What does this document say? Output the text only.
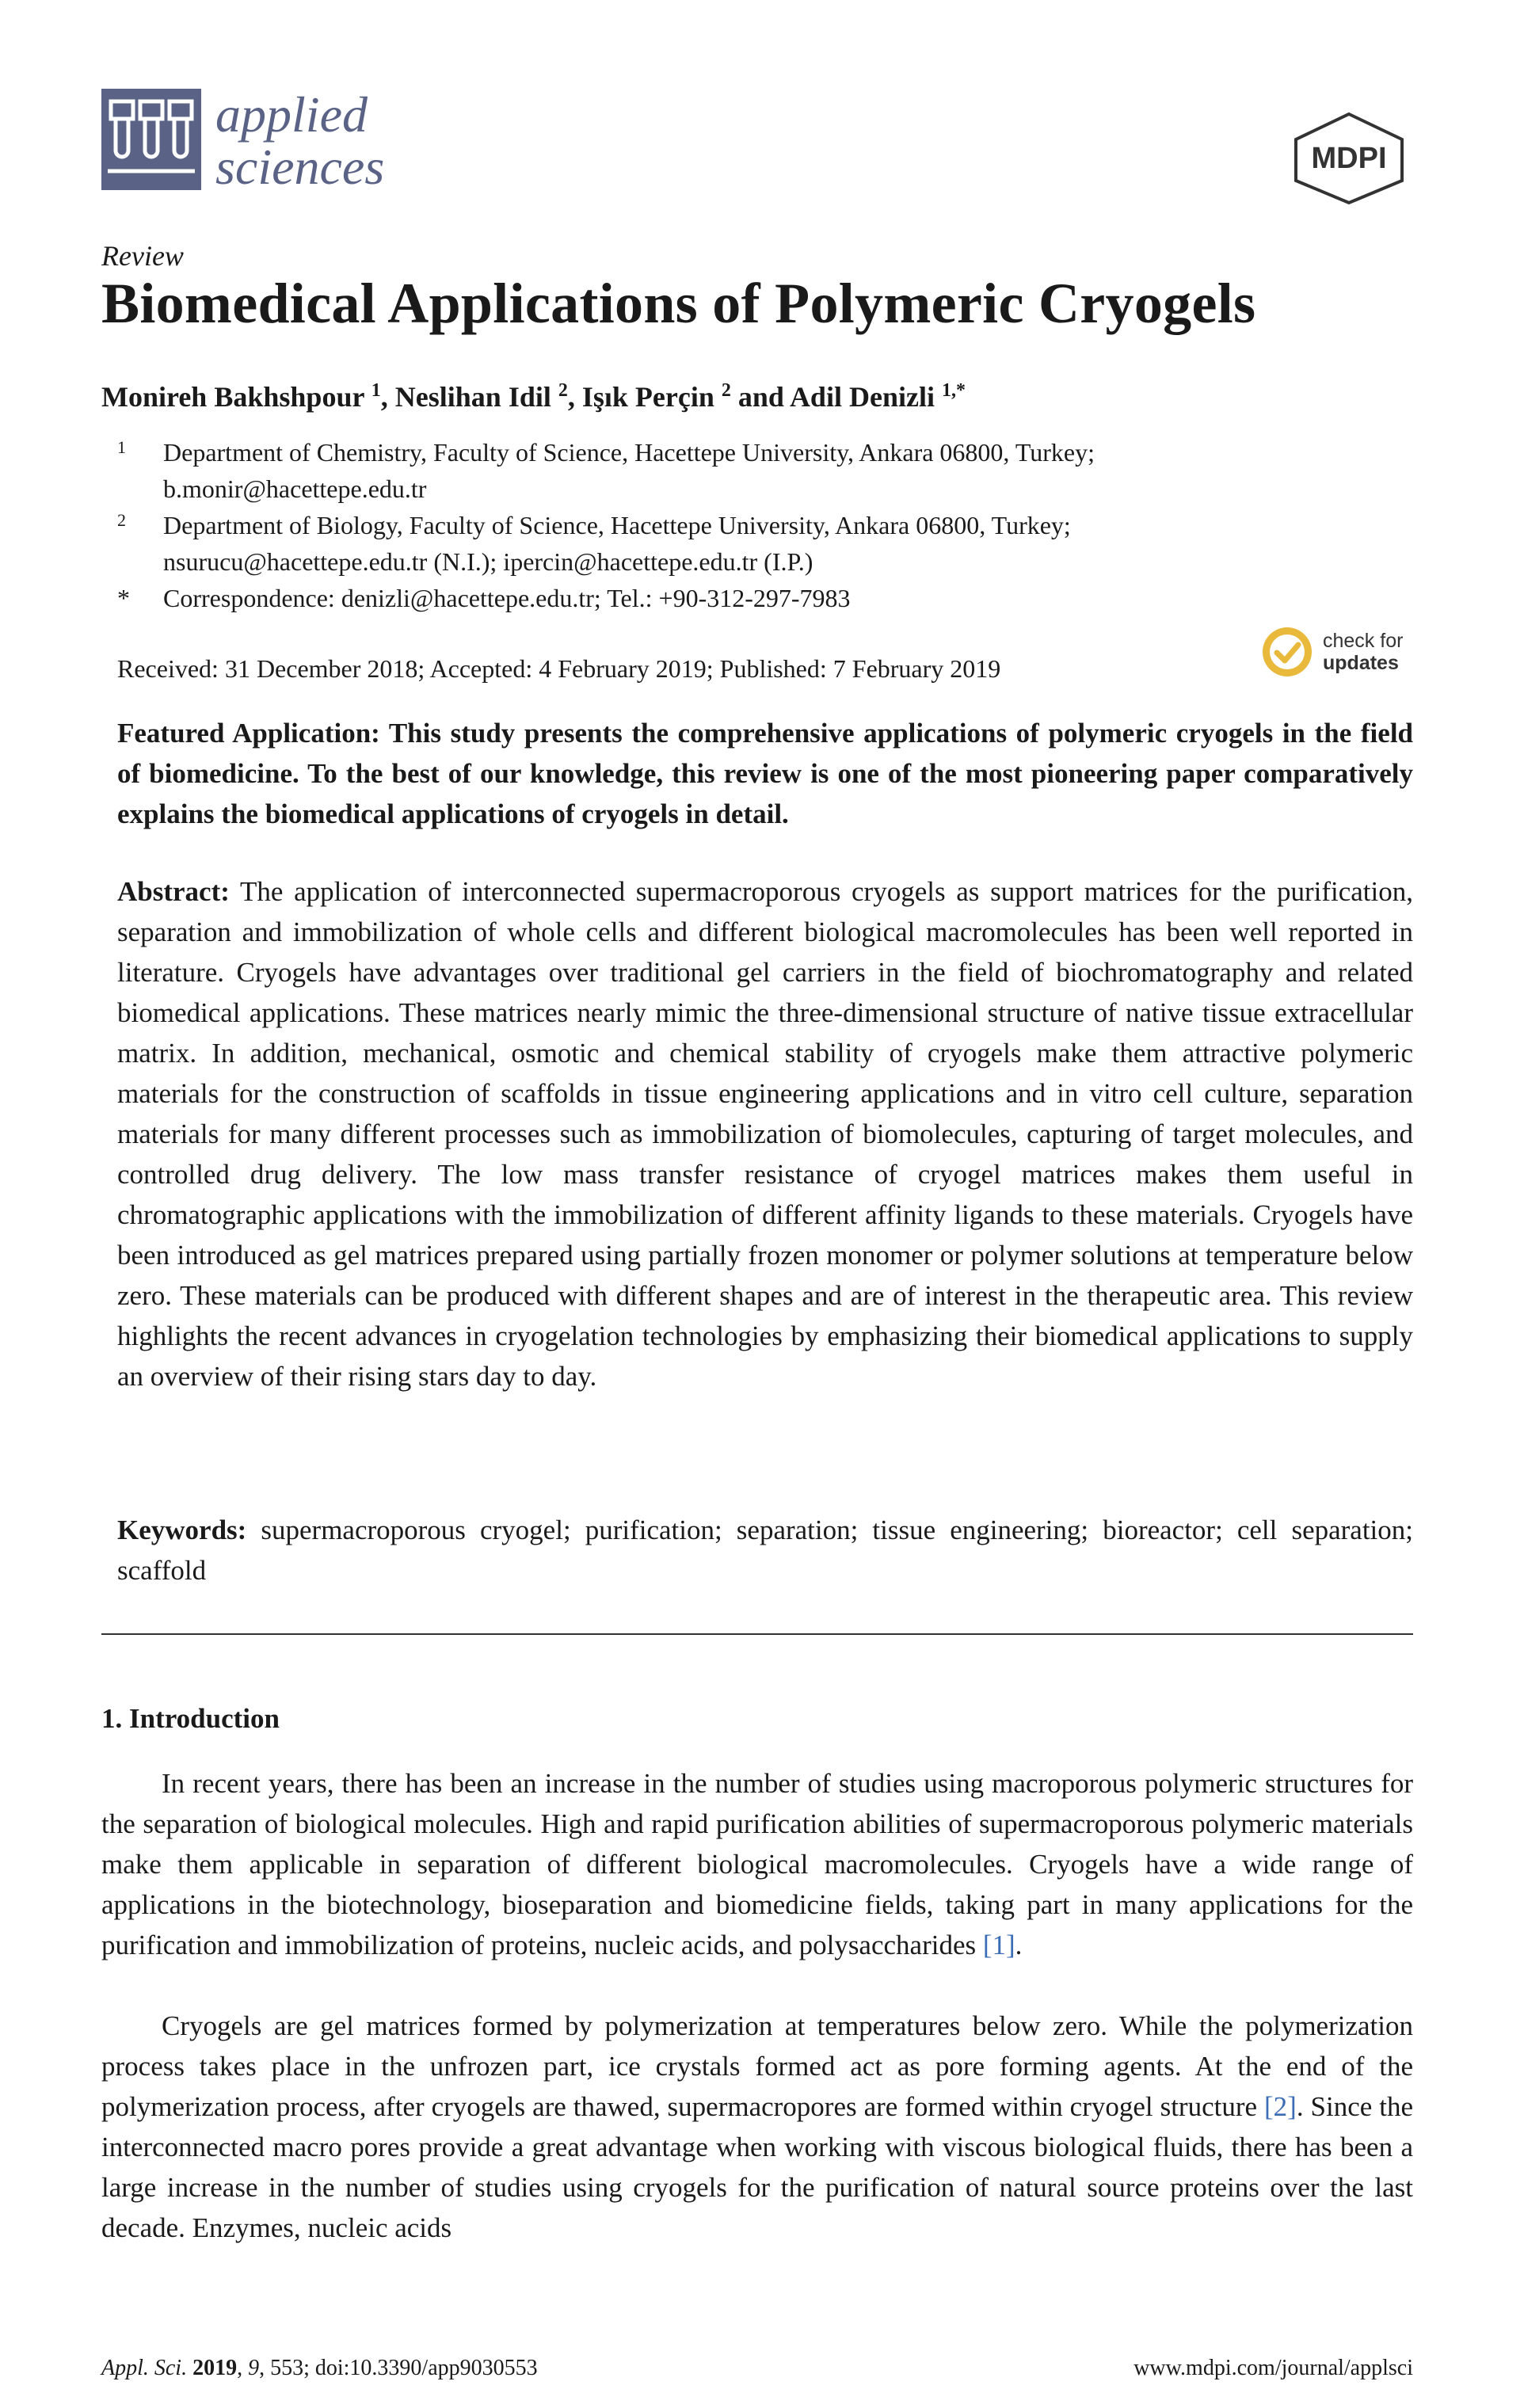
applied
sciences	MDPI
Review
Biomedical Applications of Polymeric Cryogels
Monireh Bakhshpour $^1$, Neslihan Idil $^2$, Işık Perçin $^2$ and Adil Denizli $^{1,*}$
1 Department of Chemistry, Faculty of Science, Hacettepe University, Ankara 06800, Turkey;
b.monir@hacettepe.edu.tr
2 Department of Biology, Faculty of Science, Hacettepe University, Ankara 06800, Turkey;
nsurucu@hacettepe.edu.tr (N.I.); ipercin@hacettepe.edu.tr (I.P.)
* Correspondence: denizli@hacettepe.edu.tr; Tel.: +90-312-297-7983
Received: 31 December 2018; Accepted: 4 February 2019; Published: 7 February 2019
check for
updates
Featured Application: This study presents the comprehensive applications of polymeric cryogels in the field of biomedicine. To the best of our knowledge, this review is one of the most pioneering paper comparatively explains the biomedical applications of cryogels in detail.
Abstract: The application of interconnected supermacroporous cryogels as support matrices for the purification, separation and immobilization of whole cells and different biological macromolecules has been well reported in literature. Cryogels have advantages over traditional gel carriers in the field of biochromatography and related biomedical applications. These matrices nearly mimic the three-dimensional structure of native tissue extracellular matrix. In addition, mechanical, osmotic and chemical stability of cryogels make them attractive polymeric materials for the construction of scaffolds in tissue engineering applications and in vitro cell culture, separation materials for many different processes such as immobilization of biomolecules, capturing of target molecules, and controlled drug delivery. The low mass transfer resistance of cryogel matrices makes them useful in chromatographic applications with the immobilization of different affinity ligands to these materials. Cryogels have been introduced as gel matrices prepared using partially frozen monomer or polymer solutions at temperature below zero. These materials can be produced with different shapes and are of interest in the therapeutic area. This review highlights the recent advances in cryogelation technologies by emphasizing their biomedical applications to supply an overview of their rising stars day to day.
Keywords: supermacroporous cryogel; purification; separation; tissue engineering; bioreactor; cell separation; scaffold
1. Introduction
In recent years, there has been an increase in the number of studies using macroporous polymeric structures for the separation of biological molecules. High and rapid purification abilities of supermacroporous polymeric materials make them applicable in separation of different biological macromolecules. Cryogels have a wide range of applications in the biotechnology, bioseparation and biomedicine fields, taking part in many applications for the purification and immobilization of proteins, nucleic acids, and polysaccharides [1].
Cryogels are gel matrices formed by polymerization at temperatures below zero. While the polymerization process takes place in the unfrozen part, ice crystals formed act as pore forming agents. At the end of the polymerization process, after cryogels are thawed, supermacropores are formed within cryogel structure [2]. Since the interconnected macro pores provide a great advantage when working with viscous biological fluids, there has been a large increase in the number of studies using cryogels for the purification of natural source proteins over the last decade. Enzymes, nucleic acids
Appl. Sci. 2019, 9, 553; doi:10.3390/app9030553	www.mdpi.com/journal/applsci
